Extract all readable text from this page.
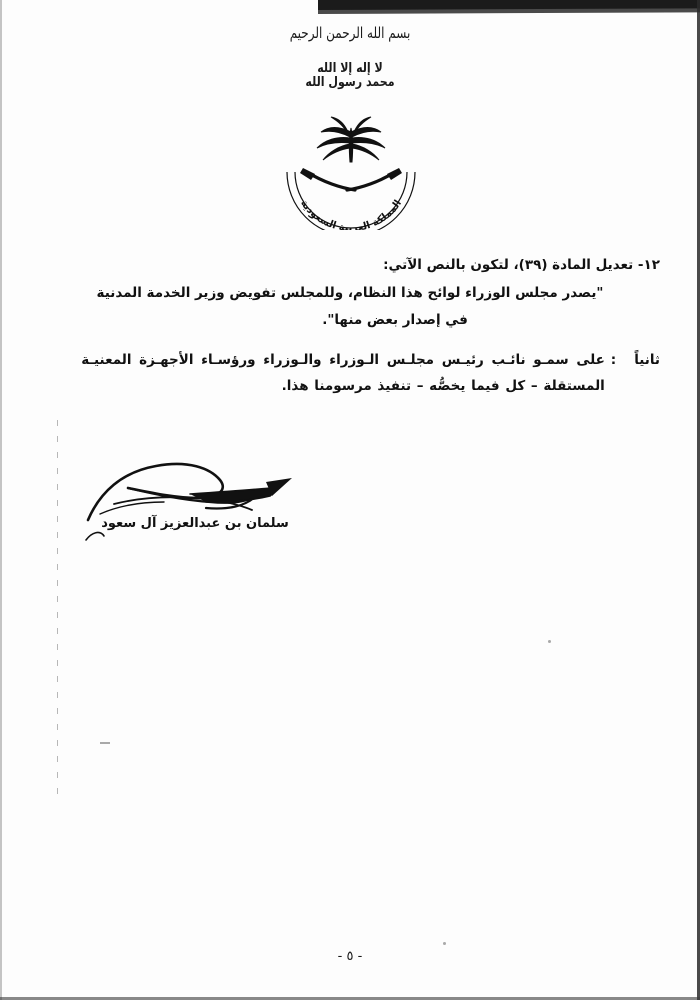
بسم الله الرحمن الرحيم
لا إله إلا الله
محمد رسول الله
المملكة العربية السعودية

١٢- تعديل المادة (٣٩)، لتكون بالنص الآتي:

"يصدر مجلس الوزراء لوائح هذا النظام، وللمجلس تفويض وزير الخدمة المدنية

في إصدار بعض منها".

ثانياً
:
على سمـو نائـب رئيـس مجلـس الـوزراء والـوزراء ورؤسـاء الأجهـزة المعنيـة
المستقلة – كل فيما يخصُّه – تنفيذ مرسومنا هذا.
سلمان بن عبدالعزيز آل سعود
- ٥ -
